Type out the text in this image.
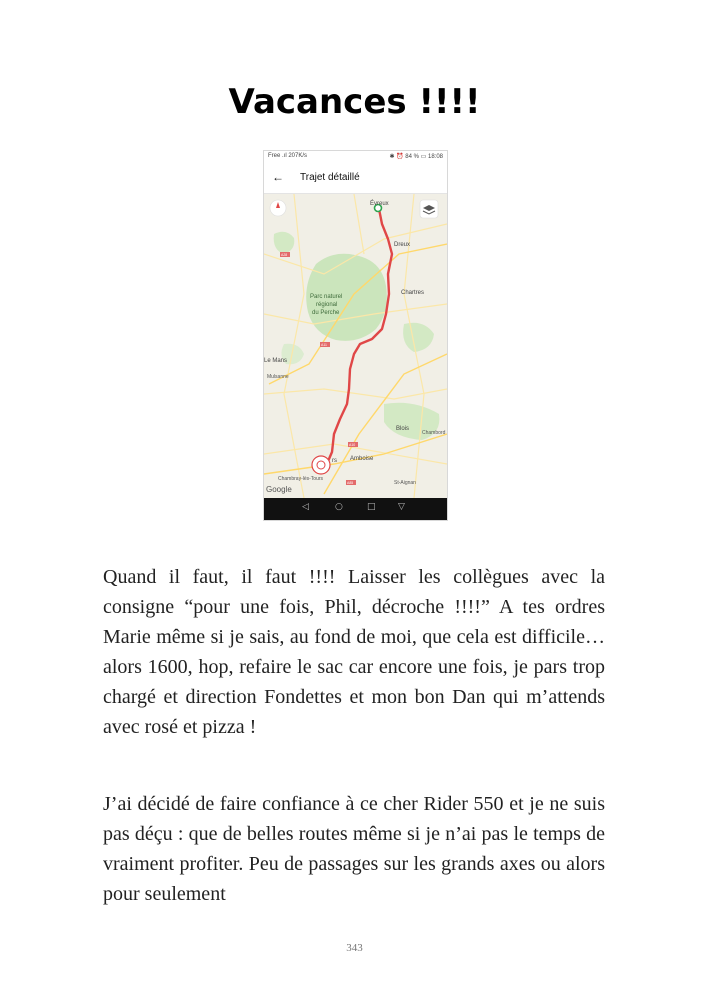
Vacances !!!!
Free .ıl 207K/s	✱ ⏰ 84 % ▭ 18:08
← Trajet détaillé
A28
A11
A10
A85
Évreux
Dreux
Chartres
Le Mans
Mulsanne
Blois
Chambord
Amboise
rs
Chambray-lès-Tours
St-Aignan
Parc naturel
régional
du Perche
Google
◁	○	□ ▽

Quand il faut, il faut !!!! Laisser les collègues avec la consigne “pour une fois, Phil, décroche !!!!” A tes ordres Marie même si je sais, au fond de moi, que cela est difficile… alors 1600, hop, refaire le sac car encore une fois, je pars trop chargé et direction Fondettes et mon bon Dan qui m’attends avec rosé et pizza !

J’ai décidé de faire confiance à ce cher Rider 550 et je ne suis pas déçu : que de belles routes même si je n’ai pas le temps de vraiment profiter. Peu de passages sur les grands axes ou alors pour seulement

343
